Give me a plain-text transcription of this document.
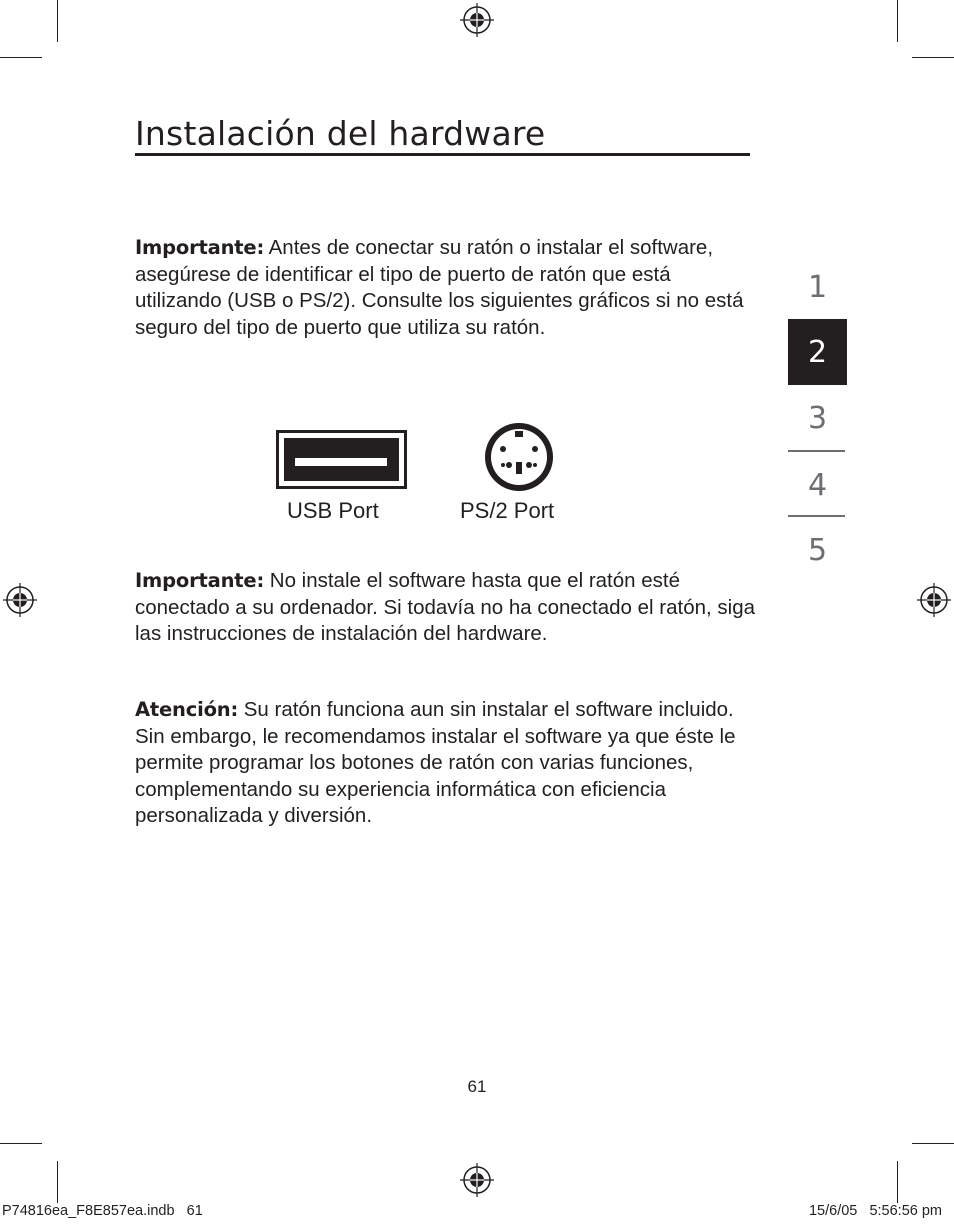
Instalación del hardware
Importante: Antes de conectar su ratón o instalar el software, asegúrese de identificar el tipo de puerto de ratón que está utilizando (USB o PS/2). Consulte los siguientes gráficos si no está seguro del tipo de puerto que utiliza su ratón.
USB Port	PS/2 Port
Importante: No instale el software hasta que el ratón esté conectado a su ordenador. Si todavía no ha conectado el ratón, siga las instrucciones de instalación del hardware.
Atención: Su ratón funciona aun sin instalar el software incluido. Sin embargo, le recomendamos instalar el software ya que éste le permite programar los botones de ratón con varias funciones, complementando su experiencia informática con eficiencia personalizada y diversión.
1
2
3
4
5
61
P74816ea_F8E857ea.indb   61	15/6/05   5:56:56 pm
